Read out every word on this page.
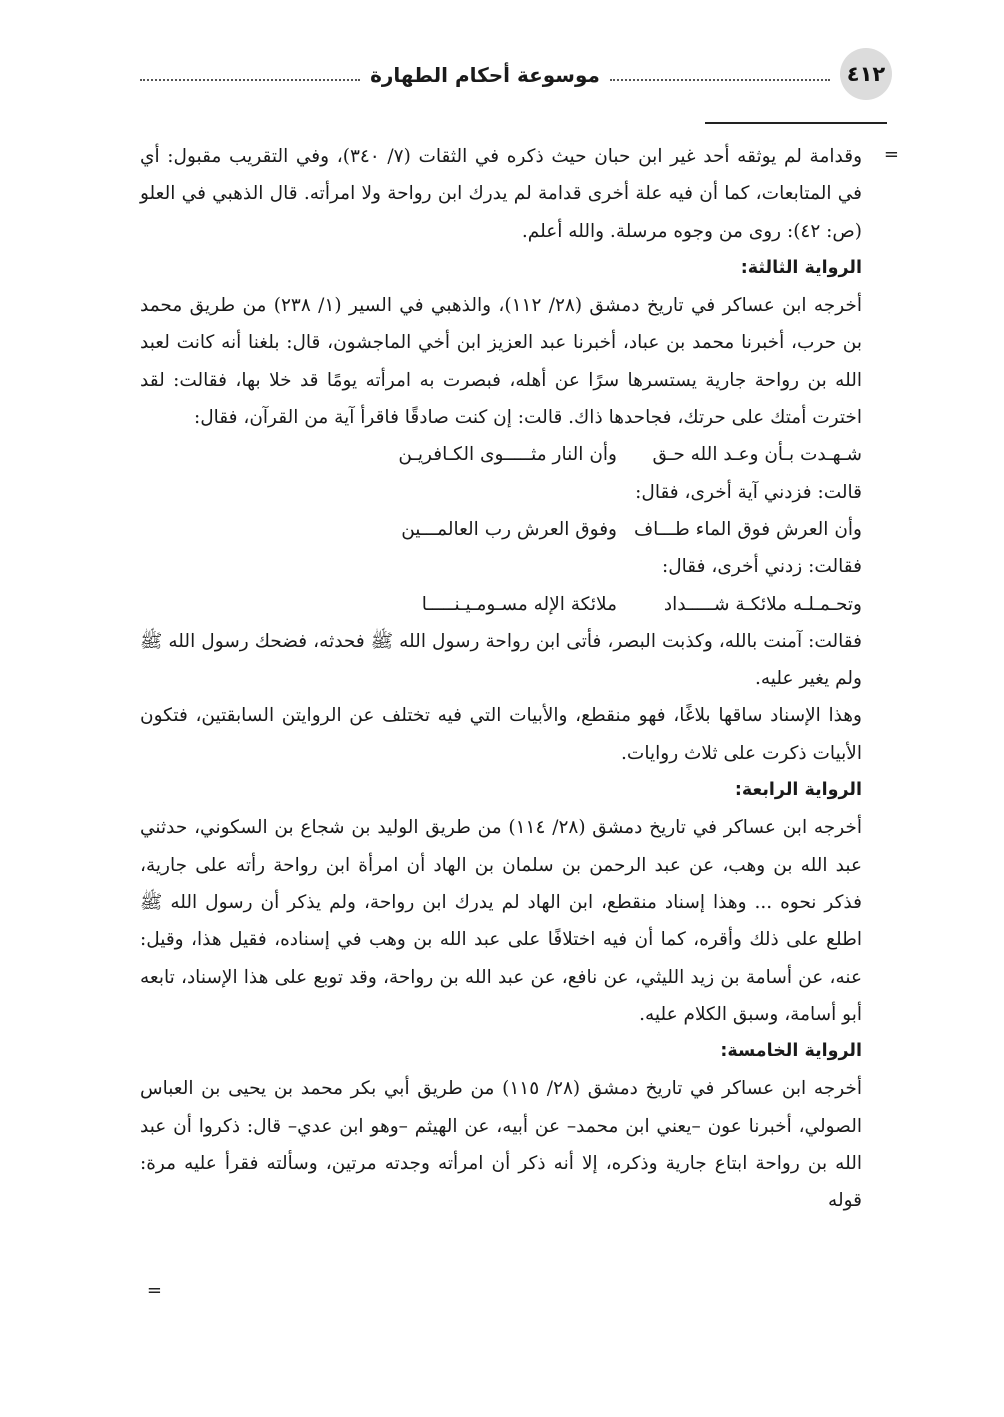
٤١٢
موسوعة أحكام الطهارة
=

وقدامة لم يوثقه أحد غير ابن حبان حيث ذكره في الثقات (٧/ ٣٤٠)، وفي التقريب مقبول: أي في المتابعات، كما أن فيه علة أخرى قدامة لم يدرك ابن رواحة ولا امرأته. قال الذهبي في العلو (ص: ٤٢): روى من وجوه مرسلة. والله أعلم.

الرواية الثالثة:

أخرجه ابن عساكر في تاريخ دمشق (٢٨/ ١١٢)، والذهبي في السير (١/ ٢٣٨) من طريق محمد بن حرب، أخبرنا محمد بن عباد، أخبرنا عبد العزيز ابن أخي الماجشون، قال: بلغنا أنه كانت لعبد الله بن رواحة جارية يستسرها سرًا عن أهله، فبصرت به امرأته يومًا قد خلا بها، فقالت: لقد اخترت أمتك على حرتك، فجاحدها ذاك. قالت: إن كنت صادقًا فاقرأ آية من القرآن، فقال:

شـهـدت بـأن وعـد الله حـق
وأن النار مثـــــوى الكـافريـن

قالت: فزدني آية أخرى، فقال:

وأن العرش فوق الماء طـــاف
وفوق العرش رب العالمـــين

فقالت: زدني أخرى، فقال:

وتحـمـلـه ملائكـة شـــــداد
ملائكة الإله مسـومـيـنـــــا

فقالت: آمنت بالله، وكذبت البصر، فأتى ابن رواحة رسول الله ﷺ فحدثه، فضحك رسول الله ﷺ ولم يغير عليه.

وهذا الإسناد ساقها بلاغًا، فهو منقطع، والأبيات التي فيه تختلف عن الروايتن السابقتين، فتكون الأبيات ذكرت على ثلاث روايات.

الرواية الرابعة:

أخرجه ابن عساكر في تاريخ دمشق (٢٨/ ١١٤) من طريق الوليد بن شجاع بن السكوني، حدثني عبد الله بن وهب، عن عبد الرحمن بن سلمان بن الهاد أن امرأة ابن رواحة رأته على جارية، فذكر نحوه ... وهذا إسناد منقطع، ابن الهاد لم يدرك ابن رواحة، ولم يذكر أن رسول الله ﷺ اطلع على ذلك وأقره، كما أن فيه اختلافًا على عبد الله بن وهب في إسناده، فقيل هذا، وقيل: عنه، عن أسامة بن زيد الليثي، عن نافع، عن عبد الله بن رواحة، وقد توبع على هذا الإسناد، تابعه أبو أسامة، وسبق الكلام عليه.

الرواية الخامسة:

أخرجه ابن عساكر في تاريخ دمشق (٢٨/ ١١٥) من طريق أبي بكر محمد بن يحيى بن العباس الصولي، أخبرنا عون –يعني ابن محمد– عن أبيه، عن الهيثم –وهو ابن عدي– قال: ذكروا أن عبد الله بن رواحة ابتاع جارية وذكره، إلا أنه ذكر أن امرأته وجدته مرتين، وسألته فقرأ عليه مرة: قوله

=
